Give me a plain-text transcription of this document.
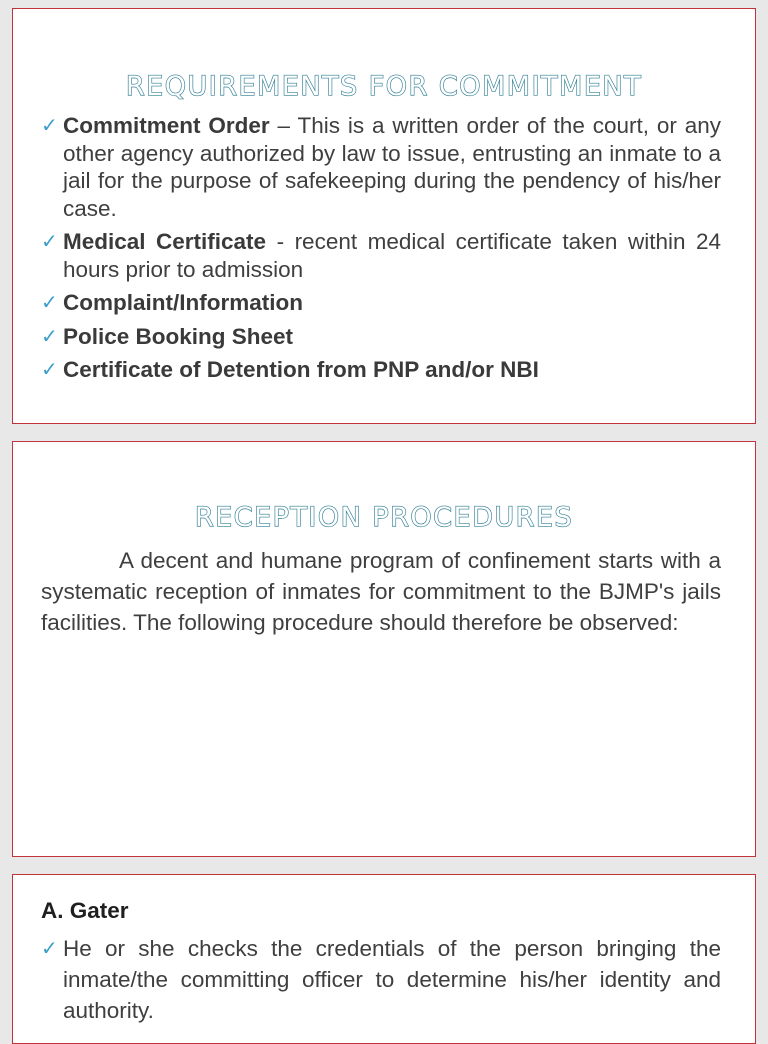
REQUIREMENTS FOR COMMITMENT
✓ Commitment Order – This is a written order of the court, or any other agency authorized by law to issue, entrusting an inmate to a jail for the purpose of safekeeping during the pendency of his/her case.
✓ Medical Certificate - recent medical certificate taken within 24 hours prior to admission
✓ Complaint/Information
✓ Police Booking Sheet
✓ Certificate of Detention from PNP and/or NBI
RECEPTION PROCEDURES

A decent and humane program of confinement starts with a systematic reception of inmates for commitment to the BJMP's jails facilities. The following procedure should therefore be observed:

A. Gater
✓ He or she checks the credentials of the person bringing the inmate/the committing officer to determine his/her identity and authority.
